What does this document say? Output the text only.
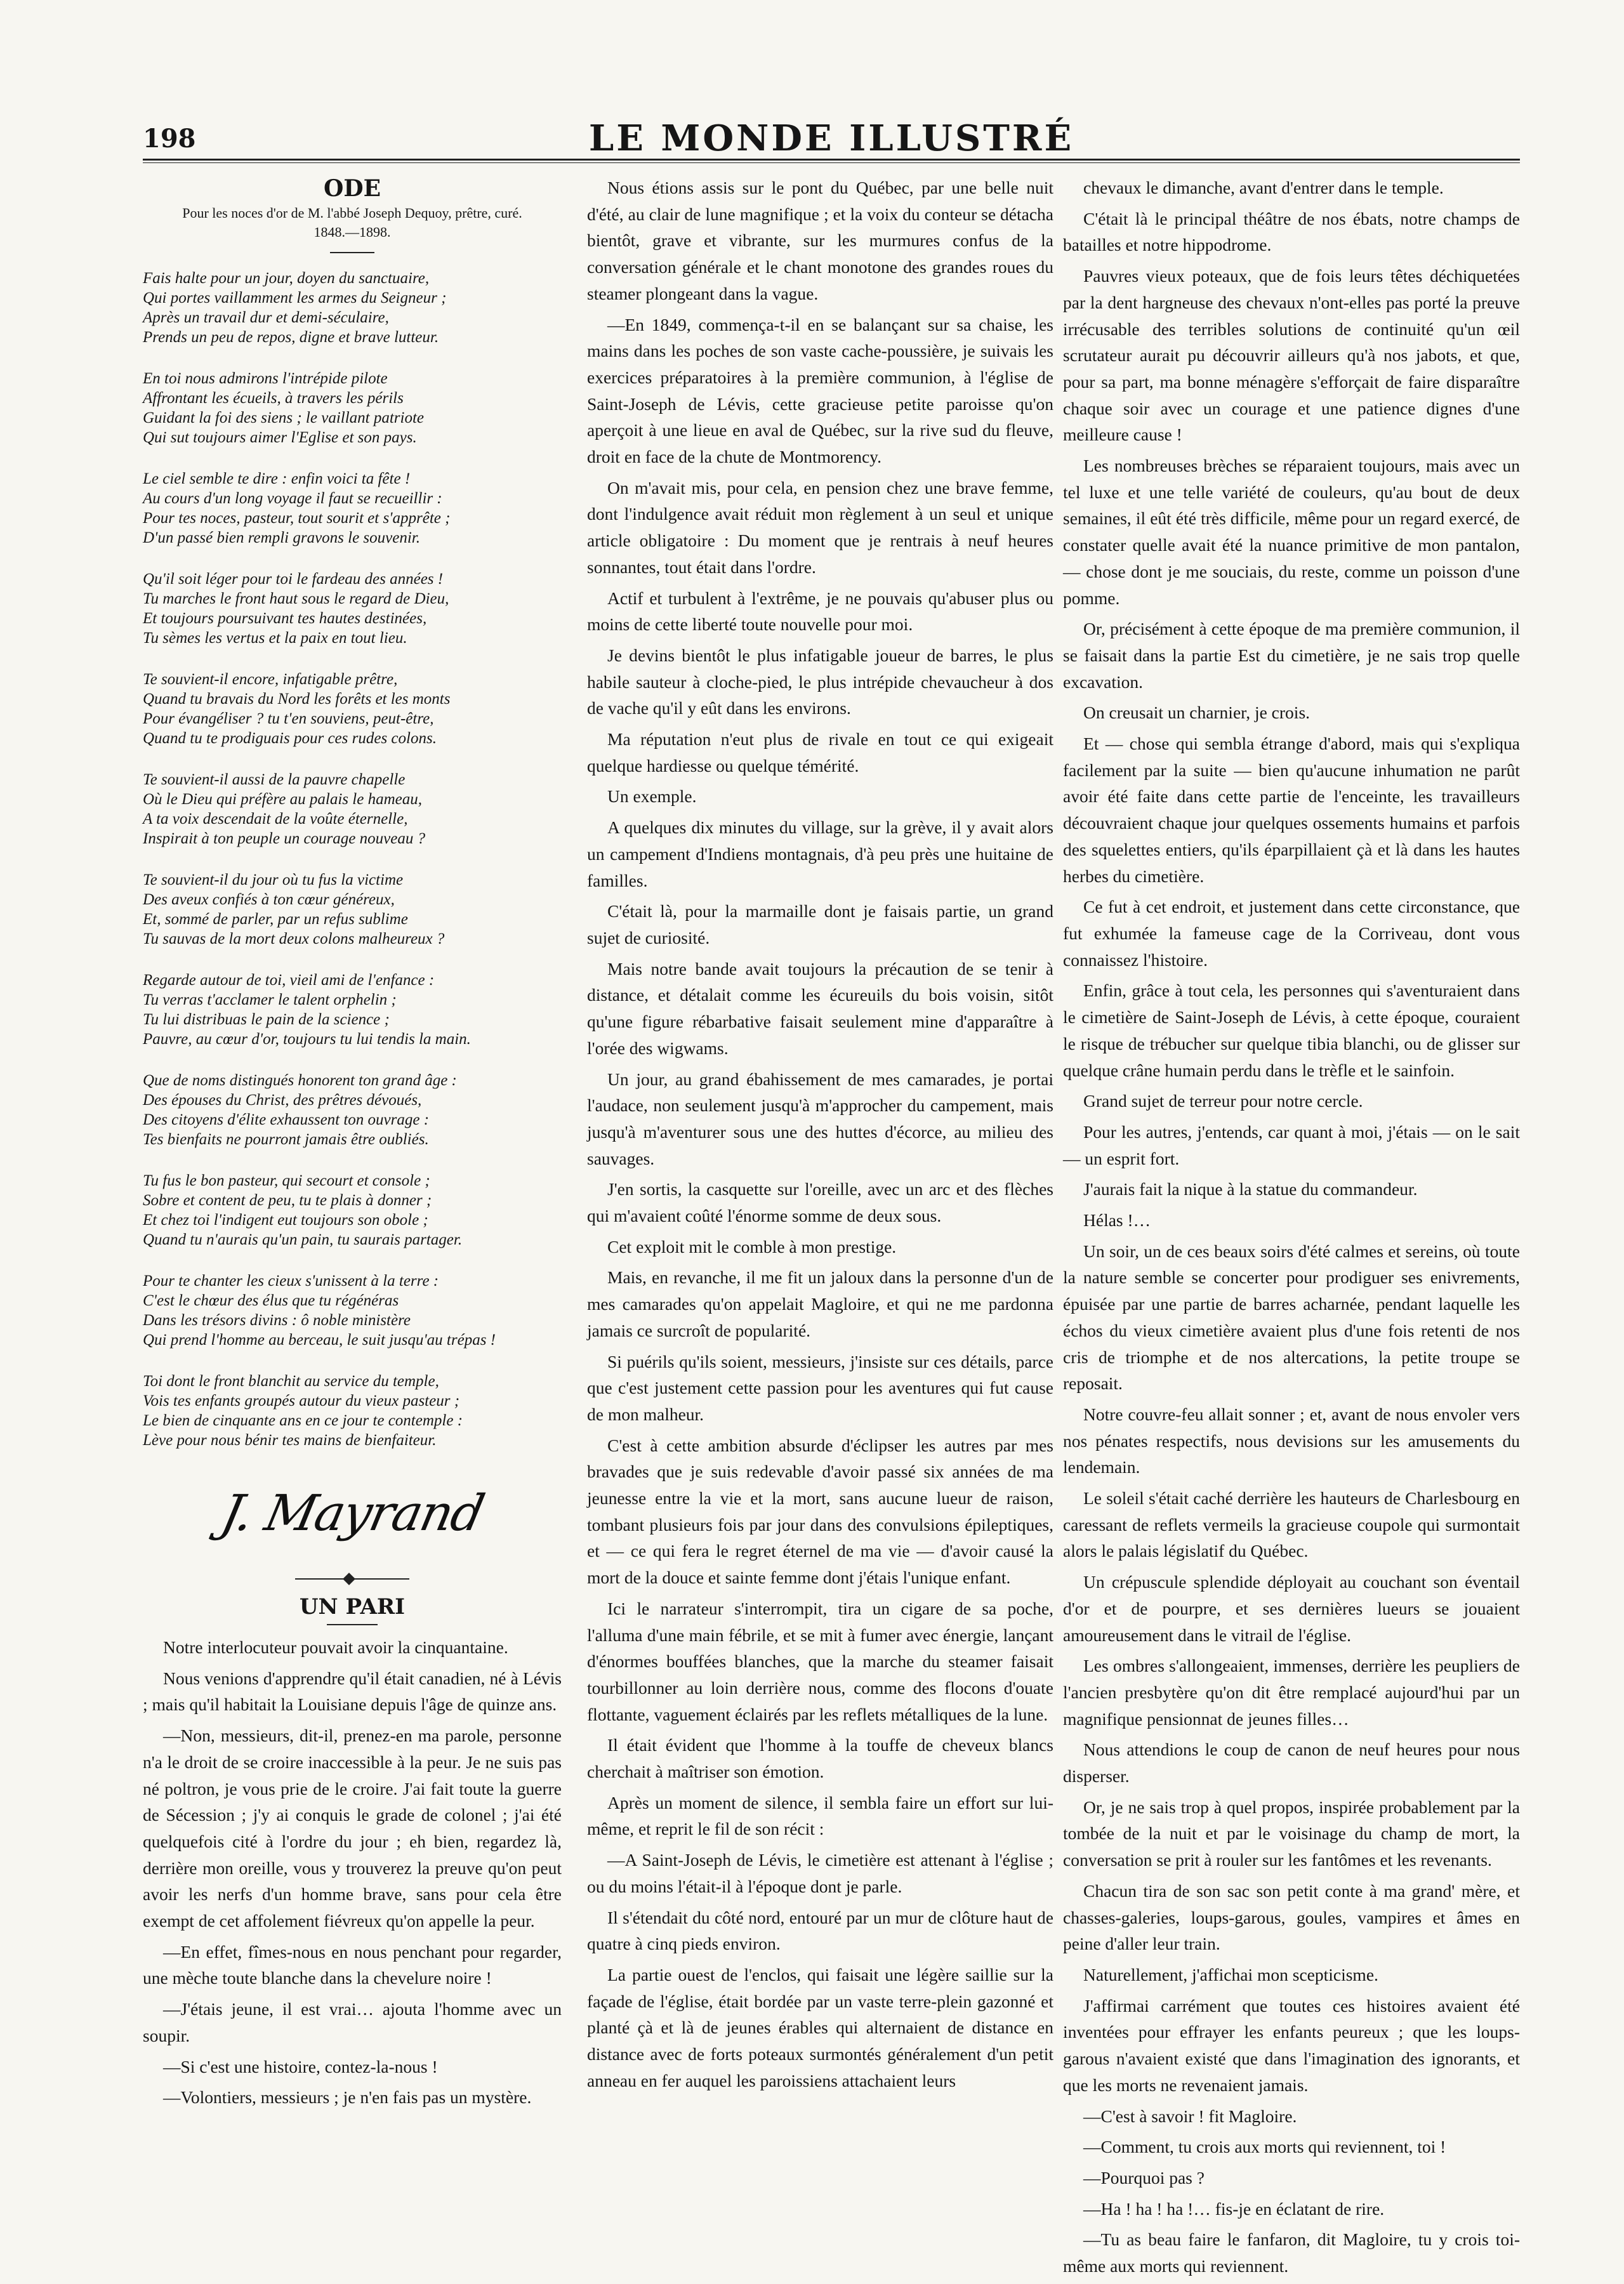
198	LE MONDE ILLUSTRÉ
ODE
Pour les noces d'or de M. l'abbé Joseph Dequoy, prêtre, curé.
1848.—1898.
Fais halte pour un jour, doyen du sanctuaire,
Qui portes vaillamment les armes du Seigneur ;
Après un travail dur et demi-séculaire,
Prends un peu de repos, digne et brave lutteur.
En toi nous admirons l'intrépide pilote
Affrontant les écueils, à travers les périls
Guidant la foi des siens ; le vaillant patriote
Qui sut toujours aimer l'Eglise et son pays.
Le ciel semble te dire : enfin voici ta fête !
Au cours d'un long voyage il faut se recueillir :
Pour tes noces, pasteur, tout sourit et s'apprête ;
D'un passé bien rempli gravons le souvenir.
Qu'il soit léger pour toi le fardeau des années !
Tu marches le front haut sous le regard de Dieu,
Et toujours poursuivant tes hautes destinées,
Tu sèmes les vertus et la paix en tout lieu.
Te souvient-il encore, infatigable prêtre,
Quand tu bravais du Nord les forêts et les monts
Pour évangéliser ? tu t'en souviens, peut-être,
Quand tu te prodiguais pour ces rudes colons.
Te souvient-il aussi de la pauvre chapelle
Où le Dieu qui préfère au palais le hameau,
A ta voix descendait de la voûte éternelle,
Inspirait à ton peuple un courage nouveau ?
Te souvient-il du jour où tu fus la victime
Des aveux confiés à ton cœur généreux,
Et, sommé de parler, par un refus sublime
Tu sauvas de la mort deux colons malheureux ?
Regarde autour de toi, vieil ami de l'enfance :
Tu verras t'acclamer le talent orphelin ;
Tu lui distribuas le pain de la science ;
Pauvre, au cœur d'or, toujours tu lui tendis la main.
Que de noms distingués honorent ton grand âge :
Des épouses du Christ, des prêtres dévoués,
Des citoyens d'élite exhaussent ton ouvrage :
Tes bienfaits ne pourront jamais être oubliés.
Tu fus le bon pasteur, qui secourt et console ;
Sobre et content de peu, tu te plais à donner ;
Et chez toi l'indigent eut toujours son obole ;
Quand tu n'aurais qu'un pain, tu saurais partager.
Pour te chanter les cieux s'unissent à la terre :
C'est le chœur des élus que tu régénéras
Dans les trésors divins : ô noble ministère
Qui prend l'homme au berceau, le suit jusqu'au trépas !
Toi dont le front blanchit au service du temple,
Vois tes enfants groupés autour du vieux pasteur ;
Le bien de cinquante ans en ce jour te contemple :
Lève pour nous bénir tes mains de bienfaiteur.
J. Mayrand
UN PARI

Notre interlocuteur pouvait avoir la cinquantaine.

Nous venions d'apprendre qu'il était canadien, né à Lévis ; mais qu'il habitait la Louisiane depuis l'âge de quinze ans.

—Non, messieurs, dit-il, prenez-en ma parole, personne n'a le droit de se croire inaccessible à la peur. Je ne suis pas né poltron, je vous prie de le croire. J'ai fait toute la guerre de Sécession ; j'y ai conquis le grade de colonel ; j'ai été quelquefois cité à l'ordre du jour ; eh bien, regardez là, derrière mon oreille, vous y trouverez la preuve qu'on peut avoir les nerfs d'un homme brave, sans pour cela être exempt de cet affolement fiévreux qu'on appelle la peur.

—En effet, fîmes-nous en nous penchant pour regarder, une mèche toute blanche dans la chevelure noire !

—J'étais jeune, il est vrai… ajouta l'homme avec un soupir.

—Si c'est une histoire, contez-la-nous !

—Volontiers, messieurs ; je n'en fais pas un mystère.

Nous étions assis sur le pont du Québec, par une belle nuit d'été, au clair de lune magnifique ; et la voix du conteur se détacha bientôt, grave et vibrante, sur les murmures confus de la conversation générale et le chant monotone des grandes roues du steamer plongeant dans la vague.

—En 1849, commença-t-il en se balançant sur sa chaise, les mains dans les poches de son vaste cache-poussière, je suivais les exercices préparatoires à la première communion, à l'église de Saint-Joseph de Lévis, cette gracieuse petite paroisse qu'on aperçoit à une lieue en aval de Québec, sur la rive sud du fleuve, droit en face de la chute de Montmorency.

On m'avait mis, pour cela, en pension chez une brave femme, dont l'indulgence avait réduit mon règlement à un seul et unique article obligatoire : Du moment que je rentrais à neuf heures sonnantes, tout était dans l'ordre.

Actif et turbulent à l'extrême, je ne pouvais qu'abuser plus ou moins de cette liberté toute nouvelle pour moi.

Je devins bientôt le plus infatigable joueur de barres, le plus habile sauteur à cloche-pied, le plus intrépide chevaucheur à dos de vache qu'il y eût dans les environs.

Ma réputation n'eut plus de rivale en tout ce qui exigeait quelque hardiesse ou quelque témérité.

Un exemple.

A quelques dix minutes du village, sur la grève, il y avait alors un campement d'Indiens montagnais, d'à peu près une huitaine de familles.

C'était là, pour la marmaille dont je faisais partie, un grand sujet de curiosité.

Mais notre bande avait toujours la précaution de se tenir à distance, et détalait comme les écureuils du bois voisin, sitôt qu'une figure rébarbative faisait seulement mine d'apparaître à l'orée des wigwams.

Un jour, au grand ébahissement de mes camarades, je portai l'audace, non seulement jusqu'à m'approcher du campement, mais jusqu'à m'aventurer sous une des huttes d'écorce, au milieu des sauvages.

J'en sortis, la casquette sur l'oreille, avec un arc et des flèches qui m'avaient coûté l'énorme somme de deux sous.

Cet exploit mit le comble à mon prestige.

Mais, en revanche, il me fit un jaloux dans la personne d'un de mes camarades qu'on appelait Magloire, et qui ne me pardonna jamais ce surcroît de popularité.

Si puérils qu'ils soient, messieurs, j'insiste sur ces détails, parce que c'est justement cette passion pour les aventures qui fut cause de mon malheur.

C'est à cette ambition absurde d'éclipser les autres par mes bravades que je suis redevable d'avoir passé six années de ma jeunesse entre la vie et la mort, sans aucune lueur de raison, tombant plusieurs fois par jour dans des convulsions épileptiques, et — ce qui fera le regret éternel de ma vie — d'avoir causé la mort de la douce et sainte femme dont j'étais l'unique enfant.

Ici le narrateur s'interrompit, tira un cigare de sa poche, l'alluma d'une main fébrile, et se mit à fumer avec énergie, lançant d'énormes bouffées blanches, que la marche du steamer faisait tourbillonner au loin derrière nous, comme des flocons d'ouate flottante, vaguement éclairés par les reflets métalliques de la lune.

Il était évident que l'homme à la touffe de cheveux blancs cherchait à maîtriser son émotion.

Après un moment de silence, il sembla faire un effort sur lui-même, et reprit le fil de son récit :

—A Saint-Joseph de Lévis, le cimetière est attenant à l'église ; ou du moins l'était-il à l'époque dont je parle.

Il s'étendait du côté nord, entouré par un mur de clôture haut de quatre à cinq pieds environ.

La partie ouest de l'enclos, qui faisait une légère saillie sur la façade de l'église, était bordée par un vaste terre-plein gazonné et planté çà et là de jeunes érables qui alternaient de distance en distance avec de forts poteaux surmontés généralement d'un petit anneau en fer auquel les paroissiens attachaient leurs

chevaux le dimanche, avant d'entrer dans le temple.

C'était là le principal théâtre de nos ébats, notre champs de batailles et notre hippodrome.

Pauvres vieux poteaux, que de fois leurs têtes déchiquetées par la dent hargneuse des chevaux n'ont-elles pas porté la preuve irrécusable des terribles solutions de continuité qu'un œil scrutateur aurait pu découvrir ailleurs qu'à nos jabots, et que, pour sa part, ma bonne ménagère s'efforçait de faire disparaître chaque soir avec un courage et une patience dignes d'une meilleure cause !

Les nombreuses brèches se réparaient toujours, mais avec un tel luxe et une telle variété de couleurs, qu'au bout de deux semaines, il eût été très difficile, même pour un regard exercé, de constater quelle avait été la nuance primitive de mon pantalon, — chose dont je me souciais, du reste, comme un poisson d'une pomme.

Or, précisément à cette époque de ma première communion, il se faisait dans la partie Est du cimetière, je ne sais trop quelle excavation.

On creusait un charnier, je crois.

Et — chose qui sembla étrange d'abord, mais qui s'expliqua facilement par la suite — bien qu'aucune inhumation ne parût avoir été faite dans cette partie de l'enceinte, les travailleurs découvraient chaque jour quelques ossements humains et parfois des squelettes entiers, qu'ils éparpillaient çà et là dans les hautes herbes du cimetière.

Ce fut à cet endroit, et justement dans cette circonstance, que fut exhumée la fameuse cage de la Corriveau, dont vous connaissez l'histoire.

Enfin, grâce à tout cela, les personnes qui s'aventuraient dans le cimetière de Saint-Joseph de Lévis, à cette époque, couraient le risque de trébucher sur quelque tibia blanchi, ou de glisser sur quelque crâne humain perdu dans le trèfle et le sainfoin.

Grand sujet de terreur pour notre cercle.

Pour les autres, j'entends, car quant à moi, j'étais — on le sait — un esprit fort.

J'aurais fait la nique à la statue du commandeur.

Hélas !…

Un soir, un de ces beaux soirs d'été calmes et sereins, où toute la nature semble se concerter pour prodiguer ses enivrements, épuisée par une partie de barres acharnée, pendant laquelle les échos du vieux cimetière avaient plus d'une fois retenti de nos cris de triomphe et de nos altercations, la petite troupe se reposait.

Notre couvre-feu allait sonner ; et, avant de nous envoler vers nos pénates respectifs, nous devisions sur les amusements du lendemain.

Le soleil s'était caché derrière les hauteurs de Charlesbourg en caressant de reflets vermeils la gracieuse coupole qui surmontait alors le palais législatif du Québec.

Un crépuscule splendide déployait au couchant son éventail d'or et de pourpre, et ses dernières lueurs se jouaient amoureusement dans le vitrail de l'église.

Les ombres s'allongeaient, immenses, derrière les peupliers de l'ancien presbytère qu'on dit être remplacé aujourd'hui par un magnifique pensionnat de jeunes filles…

Nous attendions le coup de canon de neuf heures pour nous disperser.

Or, je ne sais trop à quel propos, inspirée probablement par la tombée de la nuit et par le voisinage du champ de mort, la conversation se prit à rouler sur les fantômes et les revenants.

Chacun tira de son sac son petit conte à ma grand' mère, et chasses-galeries, loups-garous, goules, vampires et âmes en peine d'aller leur train.

Naturellement, j'affichai mon scepticisme.

J'affirmai carrément que toutes ces histoires avaient été inventées pour effrayer les enfants peureux ; que les loups-garous n'avaient existé que dans l'imagination des ignorants, et que les morts ne revenaient jamais.

—C'est à savoir ! fit Magloire.

—Comment, tu crois aux morts qui reviennent, toi !

—Pourquoi pas ?

—Ha ! ha ! ha !… fis-je en éclatant de rire.

—Tu as beau faire le fanfaron, dit Magloire, tu y crois toi-même aux morts qui reviennent.
